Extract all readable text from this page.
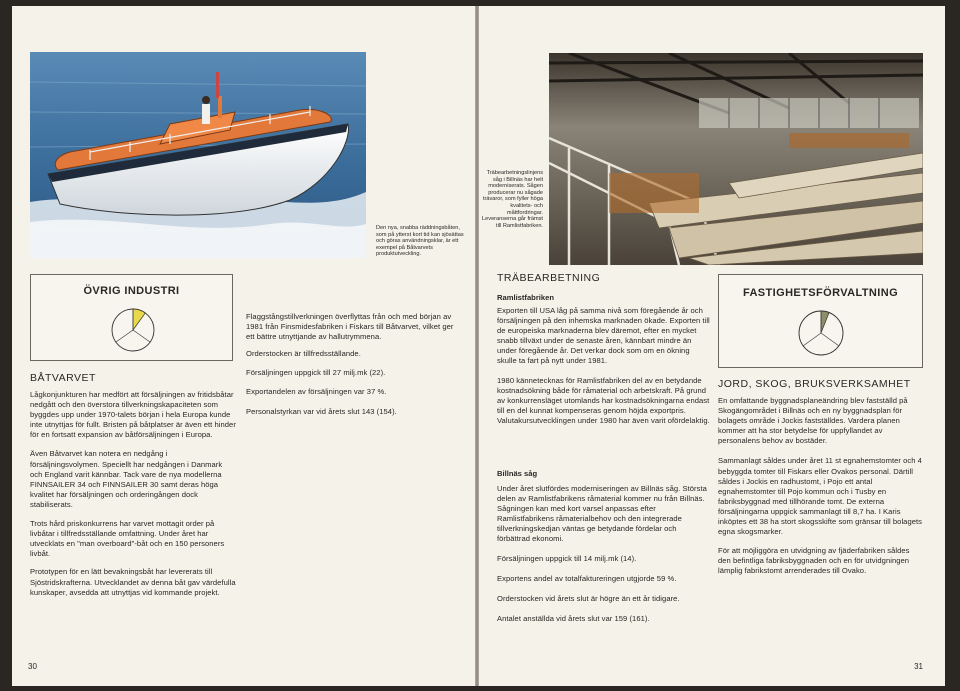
Den nya, snabba räddningsbåten, som på ytterst kort tid kan sjösättas och göras användningsklar, är ett exempel på Båtvarvets produktutveckling.
ÖVRIG INDUSTRI
BÅTVARVET

Lågkonjunkturen har medfört att försäljningen av fritidsbåtar nedgått och den överstora tillverkningskapaciteten som byggdes upp under 1970-talets början i hela Europa kunde inte utnyttjas för fullt. Bristen på båtplatser är även ett hinder för en fortsatt expansion av båtförsäljningen i Europa.

Även Båtvarvet kan notera en nedgång i försäljningsvolymen. Speciellt har nedgången i Danmark och England varit kännbar. Tack vare de nya modellerna FINNSAILER 34 och FINNSAILER 30 samt deras höga kvalitet har försäljningen och orderingången dock stabiliserats.

Trots hård priskonkurrens har varvet mottagit order på livbåtar i tillfredsställande omfattning. Under året har utvecklats en "man overboard"-båt och en 150 personers livbåt.

Prototypen för en lätt bevakningsbåt har levererats till Sjöstridskrafterna. Utvecklandet av denna båt gav värdefulla kunskaper, avsedda att utnyttjas vid kommande projekt.

Flaggstångstillverkningen överflyttas från och med början av 1981 från Finsmidesfabriken i Fiskars till Båtvarvet, vilket ger ett bättre utnyttjande av hallutrymmena.

Orderstocken är tillfredsställande.

Försäljningen uppgick till 27 milj.mk (22).

Exportandelen av försäljningen var 37 %.

Personalstyrkan var vid årets slut 143 (154).

30
Träbearbetningslinjens såg i Billnäs har helt moderniserats. Sågen producerar nu sågade trävaror, som fyller höga kvalitets- och måttfordringar. Leveranserna går främst till Ramlistfabriken.
TRÄBEARBETNING
Ramlistfabriken

Exporten till USA låg på samma nivå som föregående år och försäljningen på den inhemska marknaden ökade. Exporten till de europeiska marknaderna blev däremot, efter en mycket snabb tillväxt under de senaste åren, kännbart mindre än under föregående år. Det verkar dock som om en ökning skulle ta fart på nytt under 1981.

1980 kännetecknas för Ramlistfabriken del av en betydande kostnadsökning både för råmaterial och arbetskraft. På grund av konkurrensläget utomlands har kostnadsökningarna endast till en del kunnat kompenseras genom höjda exportpris. Valutakursutvecklingen under 1980 har även varit ofördelaktig.

Billnäs såg

Under året slutfördes moderniseringen av Billnäs såg. Största delen av Ramlistfabrikens råmaterial kommer nu från Billnäs. Sågningen kan med kort varsel anpassas efter Ramlistfabrikens råmaterialbehov och den integrerade tillverkningskedjan väntas ge betydande fördelar och förbättrad ekonomi.

Försäljningen uppgick till 14 milj.mk (14).

Exportens andel av totalfaktureringen utgjorde 59 %.

Orderstocken vid årets slut är högre än ett år tidigare.

Antalet anställda vid årets slut var 159 (161).

FASTIGHETSFÖRVALTNING
JORD, SKOG, BRUKSVERKSAMHET

En omfattande byggnadsplaneändring blev fastställd på Skogängområdet i Billnäs och en ny byggnadsplan för bolagets område i Jockis fastställdes. Vardera planen kommer att ha stor betydelse för uppfyllandet av personalens behov av bostäder.

Sammanlagt såldes under året 11 st egnahemstomter och 4 bebyggda tomter till Fiskars eller Ovakos personal. Därtill såldes i Jockis en radhustomt, i Pojo ett antal egnahemstomter till Pojo kommun och i Tusby en fabriksbyggnad med tillhörande tomt. De externa försäljningarna uppgick sammanlagt till 8,7 ha. I Karis inköptes ett 38 ha stort skogsskifte som gränsar till bolagets egna skogsmarker.

För att möjliggöra en utvidgning av fjäderfabriken såldes den befintliga fabriksbyggnaden och en för utvidgningen lämplig fabrikstomt arrenderades till Ovako.

31
